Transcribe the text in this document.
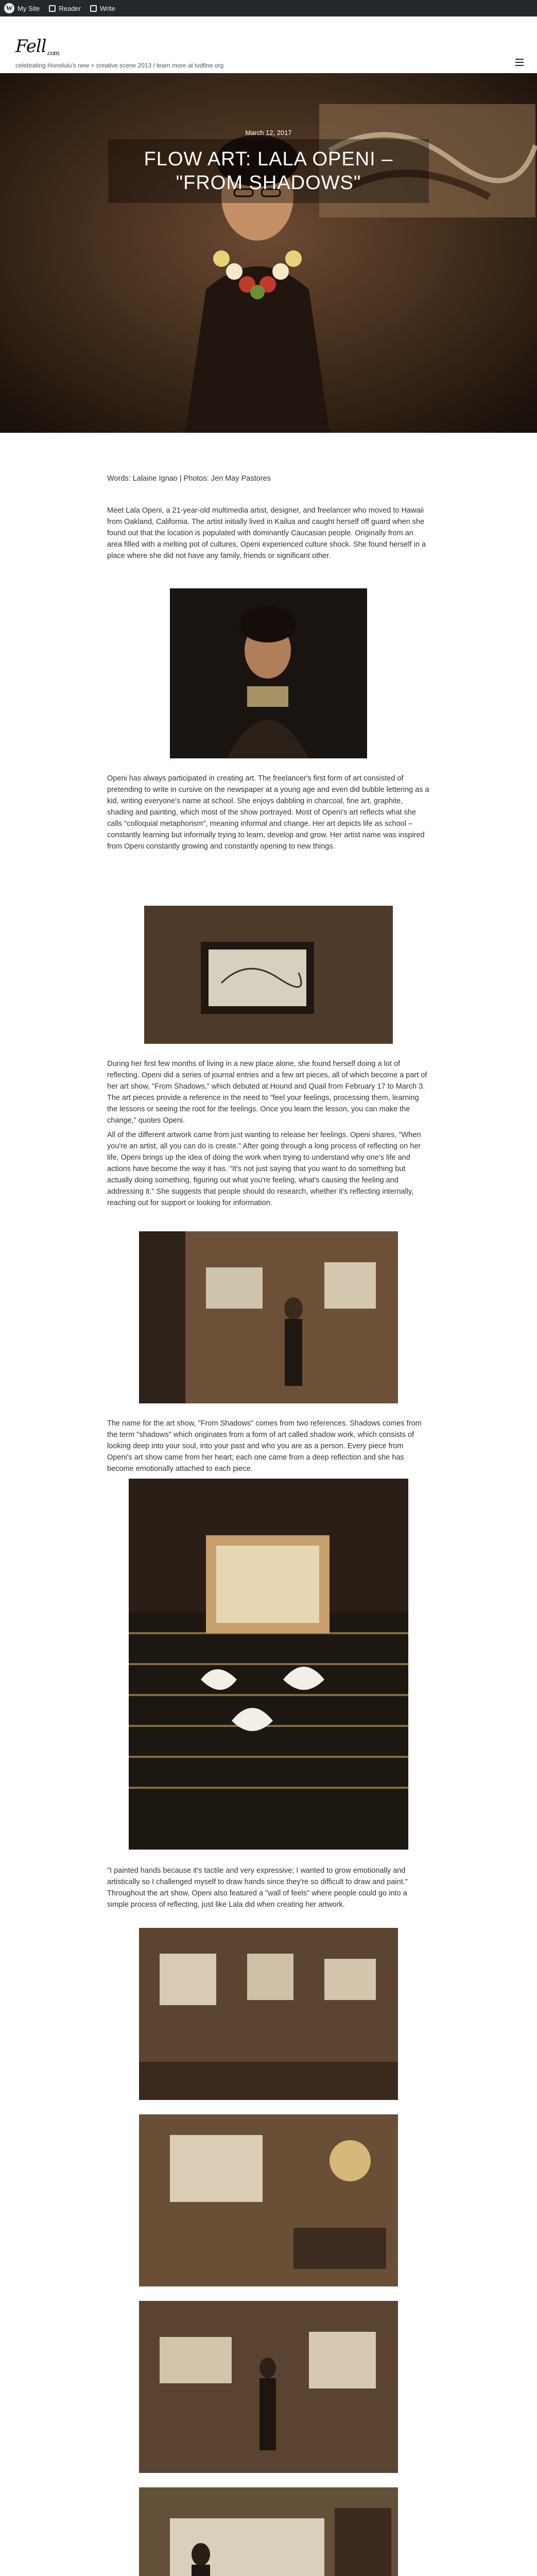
W My Site	Reader	Write
Fell.com
celebrating Honolulu's new + creative scene 2013 / learn more at tvdfine.org
March 12, 2017
FLOW ART: LALA OPENI – "FROM SHADOWS"
Words: Lalaine Ignao | Photos: Jen May Pastores
Meet Lala Openi, a 21-year-old multimedia artist, designer, and freelancer who moved to Hawaii from Oakland, California. The artist initially lived in Kailua and caught herself off guard when she found out that the location is populated with dominantly Caucasian people. Originally from an area filled with a melting pot of cultures, Openi experienced culture shock. She found herself in a place where she did not have any family, friends or significant other.
Openi has always participated in creating art. The freelancer's first form of art consisted of pretending to write in cursive on the newspaper at a young age and even did bubble lettering as a kid, writing everyone's name at school. She enjoys dabbling in charcoal, fine art, graphite, shading and painting, which most of the show portrayed. Most of Openi's art reflects what she calls "colloquial metaphorism", meaning informal and change. Her art depicts life as school – constantly learning but informally trying to learn, develop and grow. Her artist name was inspired from Openi constantly growing and constantly opening to new things.
During her first few months of living in a new place alone, she found herself doing a lot of reflecting. Openi did a series of journal entries and a few art pieces, all of which become a part of her art show, "From Shadows," which debuted at Hound and Quail from February 17 to March 3. The art pieces provide a reference in the need to "feel your feelings, processing them, learning the lessons or seeing the root for the feelings. Once you learn the lesson, you can make the change," quotes Openi.
All of the different artwork came from just wanting to release her feelings. Openi shares, "When you're an artist, all you can do is create." After going through a long process of reflecting on her life, Openi brings up the idea of doing the work when trying to understand why one's life and actions have become the way it has. "It's not just saying that you want to do something but actually doing something, figuring out what you're feeling, what's causing the feeling and addressing it." She suggests that people should do research, whether it's reflecting internally, reaching out for support or looking for information.
The name for the art show, "From Shadows" comes from two references. Shadows comes from the term "shadows" which originates from a form of art called shadow work, which consists of looking deep into your soul, into your past and who you are as a person. Every piece from Openi's art show came from her heart; each one came from a deep reflection and she has become emotionally attached to each piece.
"I painted hands because it's tactile and very expressive; I wanted to grow emotionally and artistically so I challenged myself to draw hands since they're so difficult to draw and paint." Throughout the art show, Openi also featured a "wall of feels" where people could go into a simple process of reflecting, just like Lala did when creating her artwork.
